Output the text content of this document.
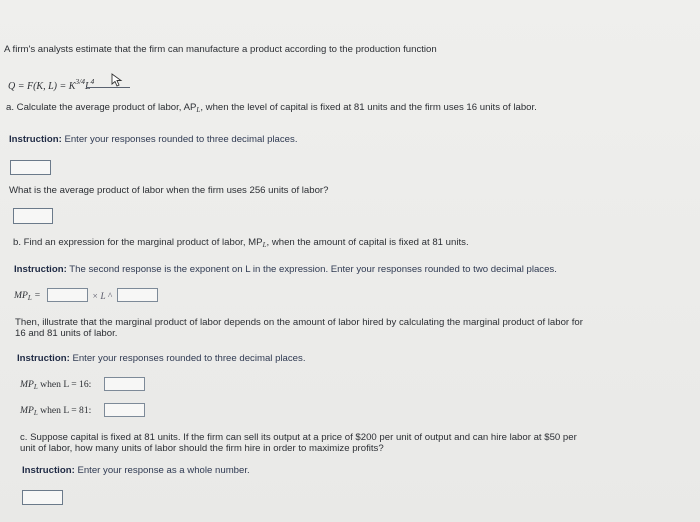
A firm's analysts estimate that the firm can manufacture a product according to the production function
Q = F(K, $L) = K^{3/4}$ $^4$
a. Calculate the average product of labor, $AP_L$, when the level of capital is fixed at 81 units and the firm uses 16 units of labor.
Instruction: Enter your responses rounded to three decimal places.
What is the average product of labor when the firm uses 256 units of labor?
b. Find an expression for the marginal product of labor, $MP_L$, when the amount of capital is fixed at 81 units.
Instruction: The second response is the exponent on L in the expression. Enter your responses rounded to two decimal places.
$MP_L$ =	× L ^
Then, illustrate that the marginal product of labor depends on the amount of labor hired by calculating the marginal product of labor for
16 and 81 units of labor.
Instruction: Enter your responses rounded to three decimal places.
$MP_L$ when L = 16:
$MP_L$ when L = 81:
c. Suppose capital is fixed at 81 units. If the firm can sell its output at a price of $200 per unit of output and can hire labor at $50 per
unit of labor, how many units of labor should the firm hire in order to maximize profits?
Instruction: Enter your response as a whole number.
